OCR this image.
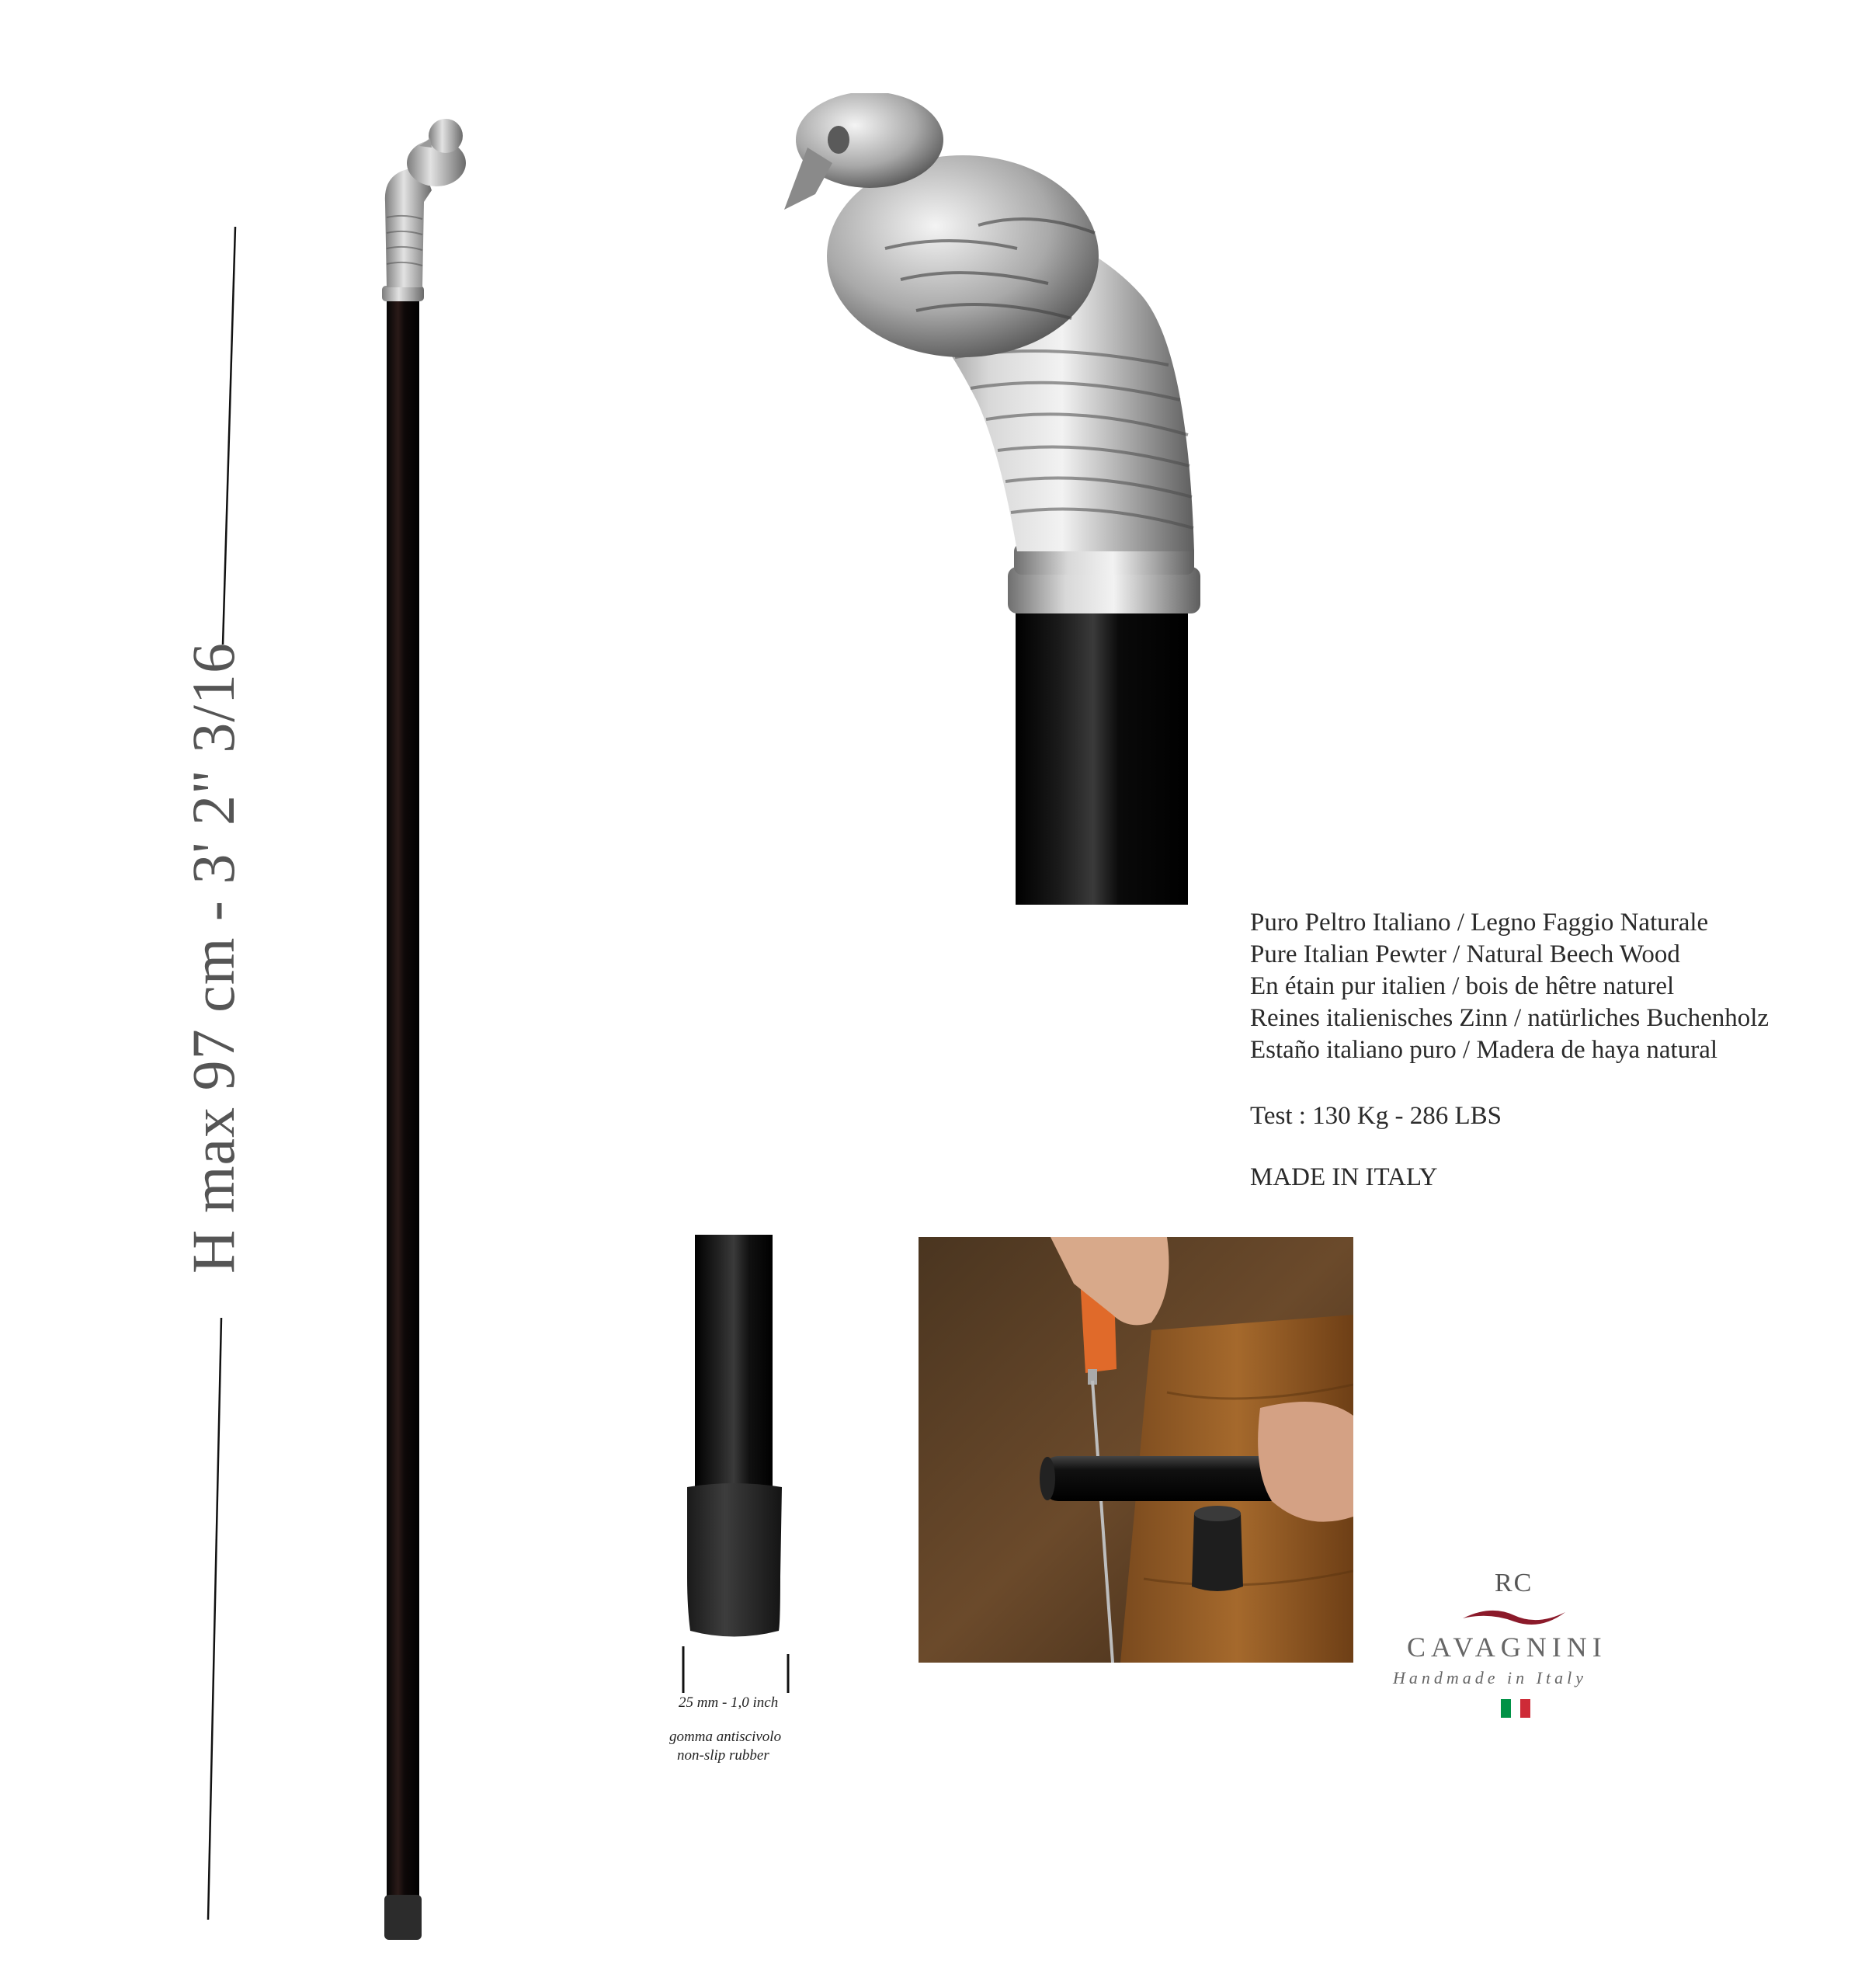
H max 97 cm - 3' 2" 3/16	Puro Peltro Italiano / Legno Faggio Naturale
Pure Italian Pewter / Natural Beech Wood
En étain pur italien / bois de hêtre naturel
Reines italienisches Zinn / natürliches Buchenholz
Estaño italiano puro / Madera de haya natural
Test : 130 Kg - 286 LBS
MADE IN ITALY
25 mm - 1,0 inch
gomma antiscivolo
non-slip rubber
RC
CAVAGNINI
Handmade in Italy
